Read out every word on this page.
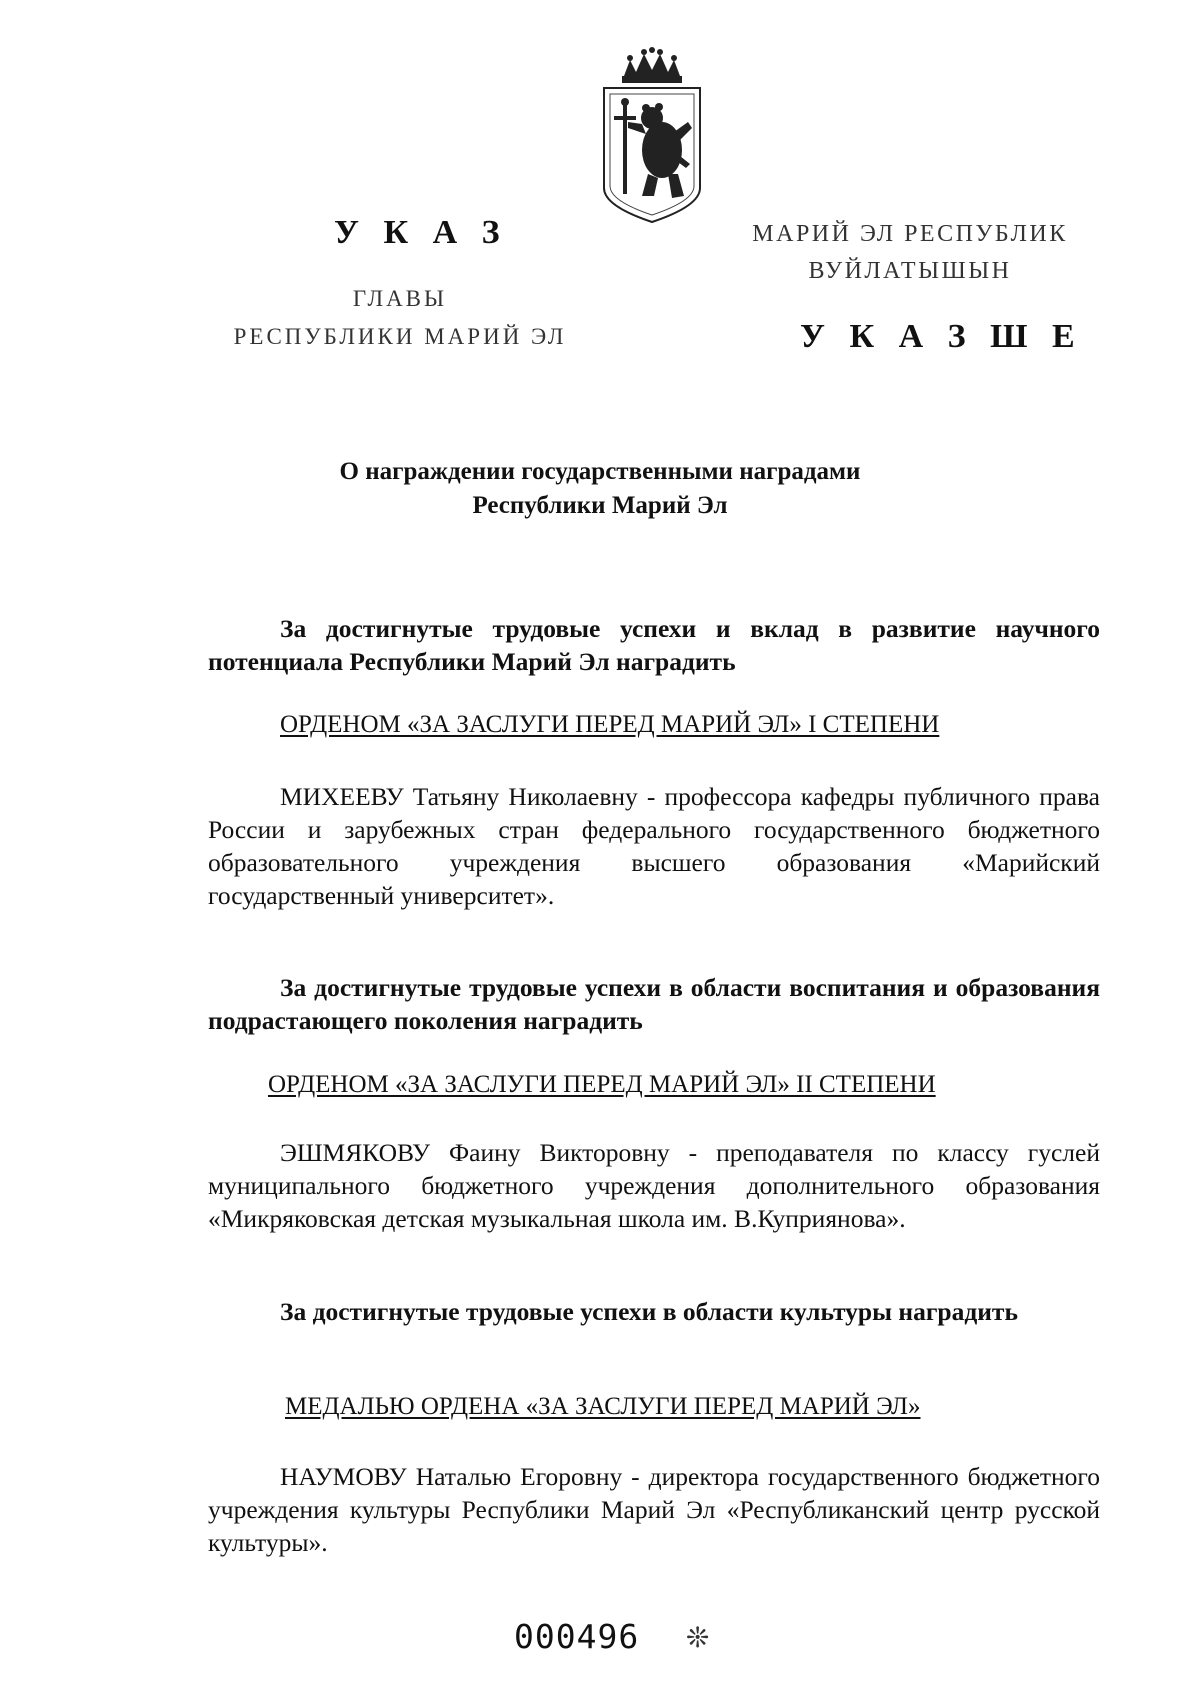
У К А З
ГЛАВЫ
РЕСПУБЛИКИ МАРИЙ ЭЛ
МАРИЙ ЭЛ РЕСПУБЛИК
ВУЙЛАТЫШЫН
У К А З Ш Е
О награждении государственными наградами
Республики Марий Эл

За достигнутые трудовые успехи и вклад в развитие научного потенциала Республики Марий Эл наградить

ОРДЕНОМ «ЗА ЗАСЛУГИ ПЕРЕД МАРИЙ ЭЛ» I СТЕПЕНИ

МИХЕЕВУ Татьяну Николаевну - профессора кафедры публичного права России и зарубежных стран федерального государственного бюджетного образовательного учреждения высшего образования «Марийский государственный университет».

За достигнутые трудовые успехи в области воспитания и образования подрастающего поколения наградить

ОРДЕНОМ «ЗА ЗАСЛУГИ ПЕРЕД МАРИЙ ЭЛ» II СТЕПЕНИ

ЭШМЯКОВУ Фаину Викторовну - преподавателя по классу гуслей муниципального бюджетного учреждения дополнительного образования «Микряковская детская музыкальная школа им. В.Куприянова».

За достигнутые трудовые успехи в области культуры наградить

МЕДАЛЬЮ ОРДЕНА «ЗА ЗАСЛУГИ ПЕРЕД МАРИЙ ЭЛ»

НАУМОВУ Наталью Егоровну - директора государственного бюджетного учреждения культуры Республики Марий Эл «Республиканский центр русской культуры».

000496 ❊
